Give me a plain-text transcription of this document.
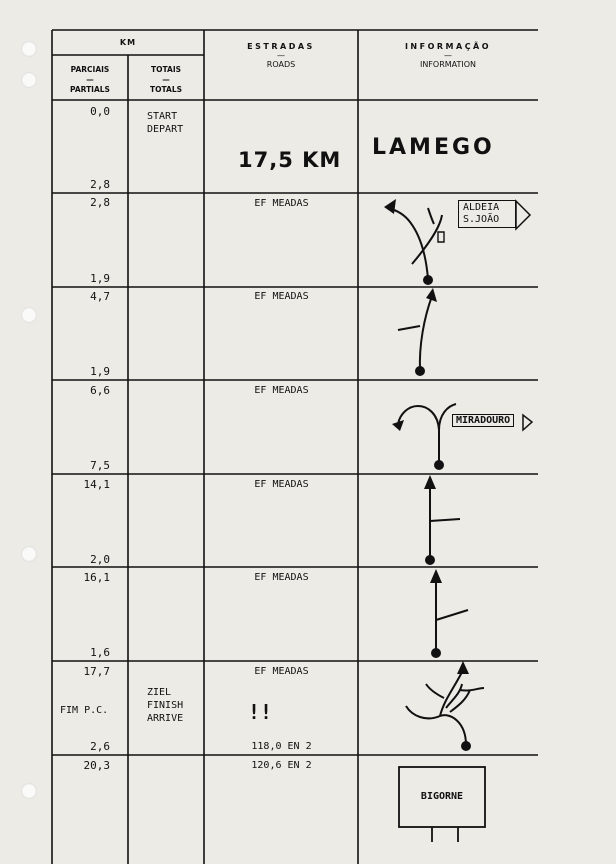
KM
PARCIAIS
—
PARTIALS
TOTAIS
—
TOTALS
ESTRADAS
—
ROADS
INFORMAÇÃO
—
INFORMATION
0,0
2,8
START
DEPART
17,5 KM LAMEGO
2,8
1,9
EF MEADAS	ALDEIA
S.JOÃO
4,7
1,9
EF MEADAS
6,6
7,5
EF MEADAS
MIRADOURO
14,1
2,0
EF MEADAS
16,1
1,6
EF MEADAS
17,7
FIM P.C.
2,6
ZIEL
FINISH
ARRIVE
EF MEADAS
!!
118,0 EN 2
20,3	120,6 EN 2
BIGORNE
